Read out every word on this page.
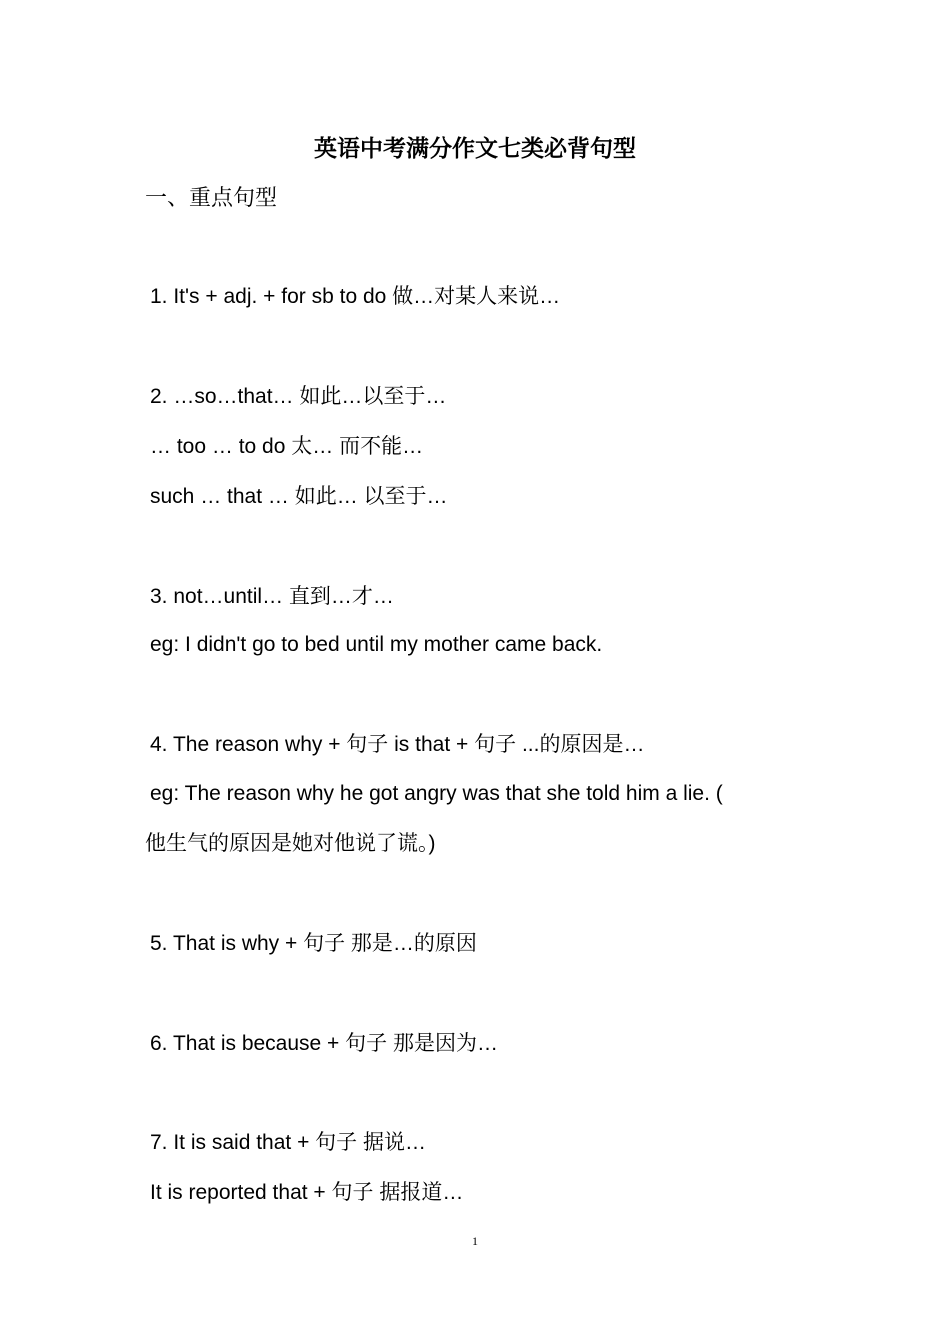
英语中考满分作文七类必背句型
一、重点句型
1. It's + adj. + for sb to do 做…对某人来说…
2. …so…that… 如此…以至于…
… too … to do 太… 而不能…
such … that … 如此… 以至于…
3. not…until… 直到…才…
eg: I didn't go to bed until my mother came back.
4. The reason why + 句子 is that + 句子 ...的原因是…
eg: The reason why he got angry was that she told him a lie. (
他生气的原因是她对他说了谎。)
5. That is why + 句子 那是…的原因
6. That is because + 句子 那是因为…
7. It is said that + 句子 据说…
It is reported that + 句子 据报道…
1
